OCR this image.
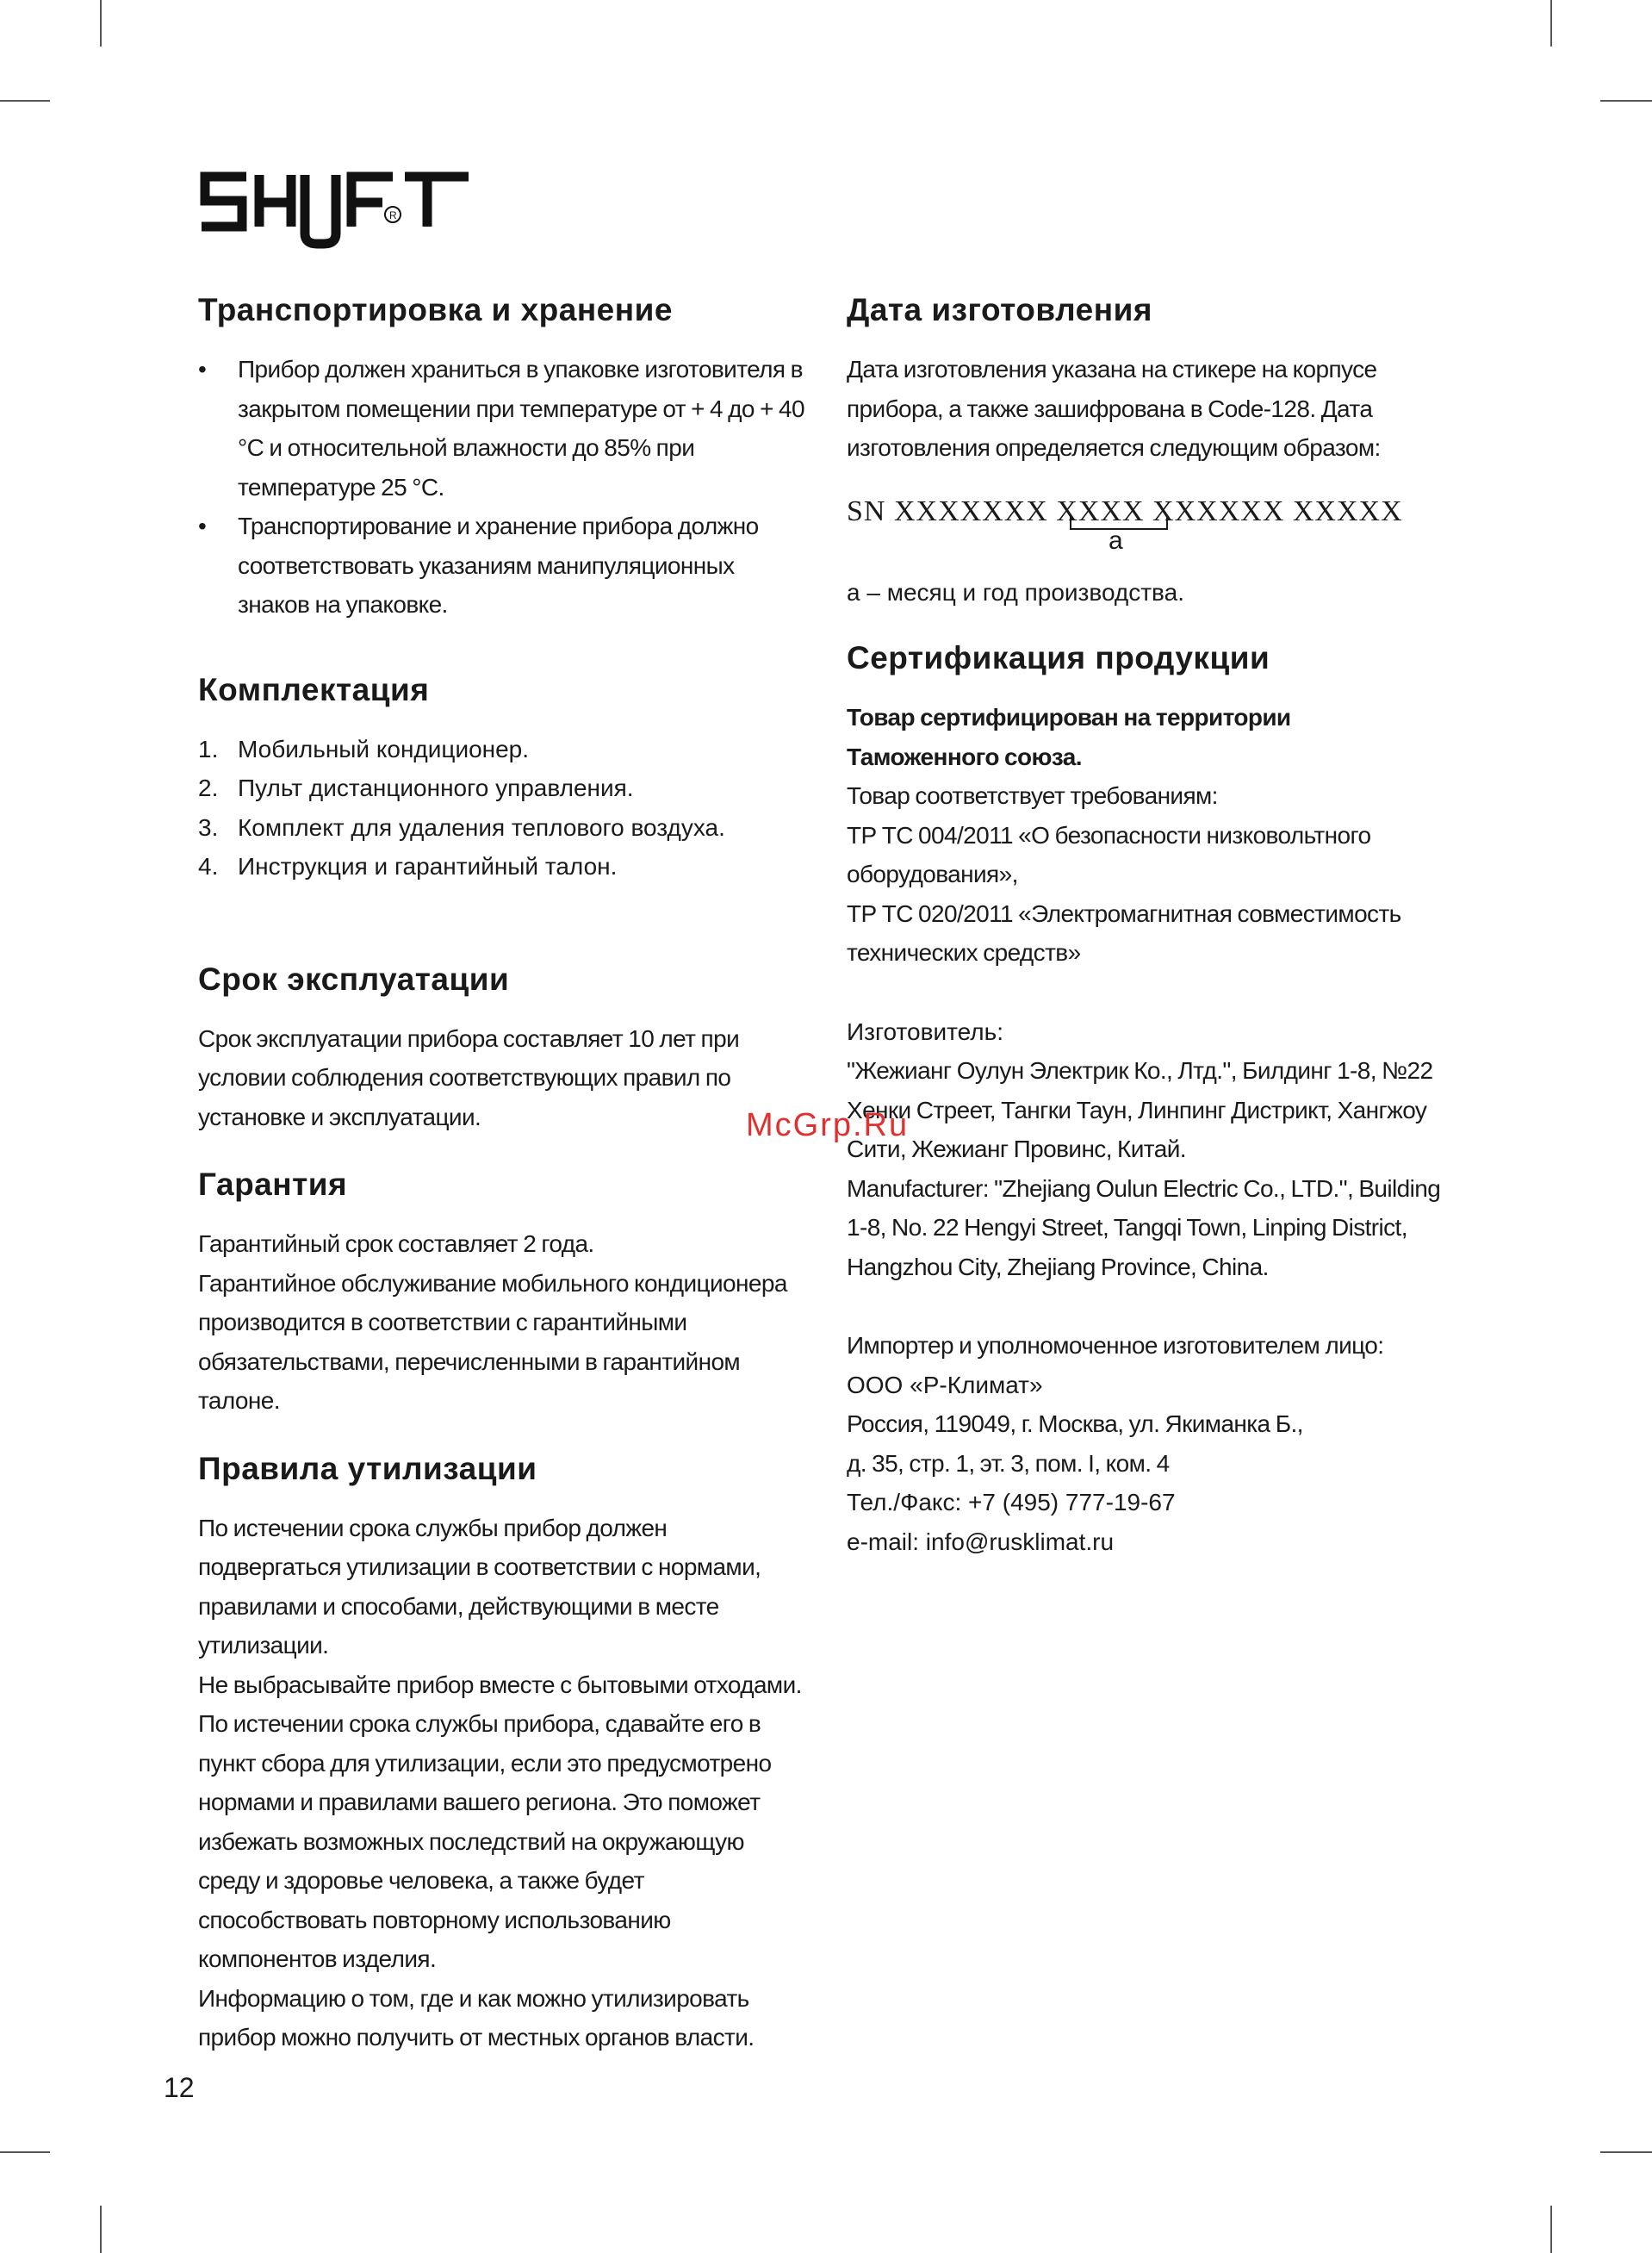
R
Транспортировка и хранение
• Прибор должен храниться в упаковке изготовителя в закрытом помещении при температуре от + 4 до + 40 °С и относительной влажности до 85% при температуре 25 °С.
• Транспортирование и хранение прибора должно соответствовать указаниям манипуляционных знаков на упаковке.
Комплектация
1. Мобильный кондиционер.
2. Пульт дистанционного управления.
3. Комплект для удаления теплового воздуха.
4. Инструкция и гарантийный талон.
Срок эксплуатации

Срок эксплуатации прибора составляет 10 лет при условии соблюдения соответствующих правил по установке и эксплуатации.

Гарантия

Гарантийный срок составляет 2 года.

Гарантийное обслуживание мобильного кондиционера производится в соответствии с гарантийными обязательствами, перечисленными в гарантийном талоне.

Правила утилизации

По истечении срока службы прибор должен подвергаться утилизации в соответствии с нормами, правилами и способами, действующими в месте утилизации.

Не выбрасывайте прибор вместе с бытовыми отходами.

По истечении срока службы прибора, сдавайте его в пункт сбора для утилизации, если это предусмотрено нормами и правилами вашего региона. Это поможет избежать возможных последствий на окружающую среду и здоровье человека, а также будет способствовать повторному использованию компонентов изделия.

Информацию о том, где и как можно утилизировать прибор можно получить от местных органов власти.

Дата изготовления

Дата изготовления указана на стикере на корпусе прибора, а также зашифрована в Code-128. Дата изготовления определяется следующим образом:

SN XXXXXXX XXXX XXXXXX XXXXX
a

а – месяц и год производства.

Сертификация продукции

Товар сертифицирован на территории

Таможенного союза.

Товар соответствует требованиям:

ТР ТС 004/2011 «О безопасности низковольтного оборудования»,

ТР ТС 020/2011 «Электромагнитная совместимость технических средств»

Изготовитель:

"Жежианг Оулун Электрик Ко., Лтд.", Билдинг 1-8, №22 Хенки Стреет, Тангки Таун, Линпинг Дистрикт, Хангжоу Сити, Жежианг Провинс, Китай.

Manufacturer: "Zhejiang Oulun Electric Co., LTD.", Building 1-8, No. 22 Hengyi Street, Tangqi Town, Linping District, Hangzhou City, Zhejiang Province, China.

Импортер и уполномоченное изготовителем лицо:

ООО «Р-Климат»

Россия, 119049, г. Москва, ул. Якиманка Б.,

д. 35, стр. 1, эт. 3, пом. I, ком. 4

Тел./Факс: +7 (495) 777-19-67

e-mail: info@rusklimat.ru

McGrp.Ru
12
